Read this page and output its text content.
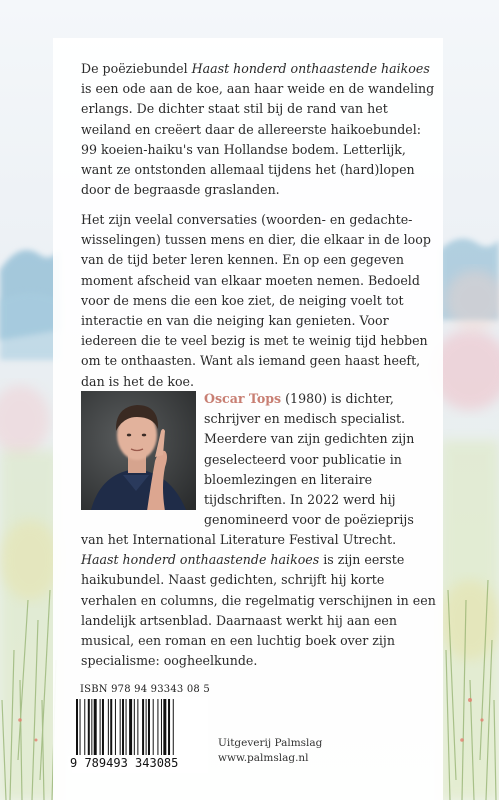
De poëziebundel Haast honderd onthaastende haikoes is een ode aan de koe, aan haar weide en de wandeling erlangs. De dichter staat stil bij de rand van het weiland en creëert daar de allereerste haikoebundel: 99 koeien-haiku's van Hollandse bodem. Letterlijk, want ze ontstonden allemaal tijdens het (hard)lopen door de begraasde graslanden.

Het zijn veelal conversaties (woorden- en gedachte-wisselingen) tussen mens en dier, die elkaar in de loop van de tijd beter leren kennen. En op een gegeven moment afscheid van elkaar moeten nemen. Bedoeld voor de mens die een koe ziet, de neiging voelt tot interactie en van die neiging kan genieten. Voor iedereen die te veel bezig is met te weinig tijd hebben om te onthaasten. Want als iemand geen haast heeft, dan is het de koe.

Oscar Tops (1980) is dichter, schrijver en medisch specialist. Meerdere van zijn gedichten zijn geselecteerd voor publicatie in bloemlezingen en literaire tijdschriften. In 2022 werd hij genomineerd voor de poëzieprijs

van het International Literature Festival Utrecht. Haast honderd onthaastende haikoes is zijn eerste haikubundel. Naast gedichten, schrijft hij korte verhalen en columns, die regelmatig verschijnen in een landelijk artsenblad. Daarnaast werkt hij aan een musical, een roman en een luchtig boek over zijn specialisme: oogheelkunde.

ISBN 978 94 93343 08 5

9 789493 343085

Uitgeverij Palmslag
www.palmslag.nl
